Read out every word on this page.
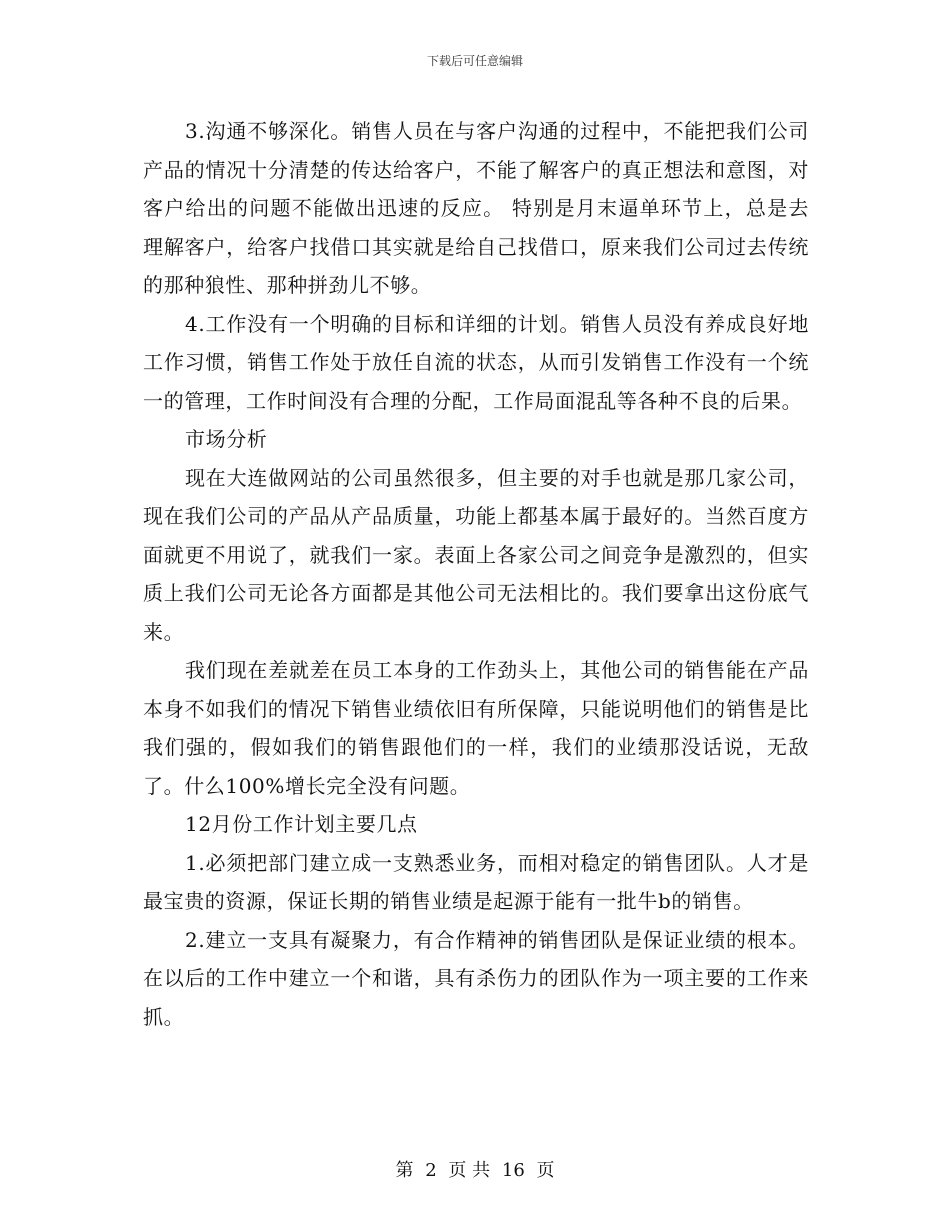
下载后可任意编辑

3.沟通不够深化。销售人员在与客户沟通的过程中，不能把我们公司产品的情况十分清楚的传达给客户，不能了解客户的真正想法和意图，对客户给出的问题不能做出迅速的反应。 特别是月末逼单环节上，总是去理解客户，给客户找借口其实就是给自己找借口，原来我们公司过去传统的那种狼性、那种拼劲儿不够。

4.工作没有一个明确的目标和详细的计划。销售人员没有养成良好地工作习惯，销售工作处于放任自流的状态，从而引发销售工作没有一个统一的管理，工作时间没有合理的分配，工作局面混乱等各种不良的后果。

市场分析

现在大连做网站的公司虽然很多，但主要的对手也就是那几家公司，现在我们公司的产品从产品质量，功能上都基本属于最好的。当然百度方面就更不用说了，就我们一家。表面上各家公司之间竞争是激烈的，但实质上我们公司无论各方面都是其他公司无法相比的。我们要拿出这份底气来。

我们现在差就差在员工本身的工作劲头上，其他公司的销售能在产品本身不如我们的情况下销售业绩依旧有所保障，只能说明他们的销售是比我们强的，假如我们的销售跟他们的一样，我们的业绩那没话说，无敌了。什么100%增长完全没有问题。

12月份工作计划主要几点

1.必须把部门建立成一支熟悉业务，而相对稳定的销售团队。人才是最宝贵的资源，保证长期的销售业绩是起源于能有一批牛b的销售。

2.建立一支具有凝聚力，有合作精神的销售团队是保证业绩的根本。在以后的工作中建立一个和谐，具有杀伤力的团队作为一项主要的工作来抓。

第 2 页 共 16 页
